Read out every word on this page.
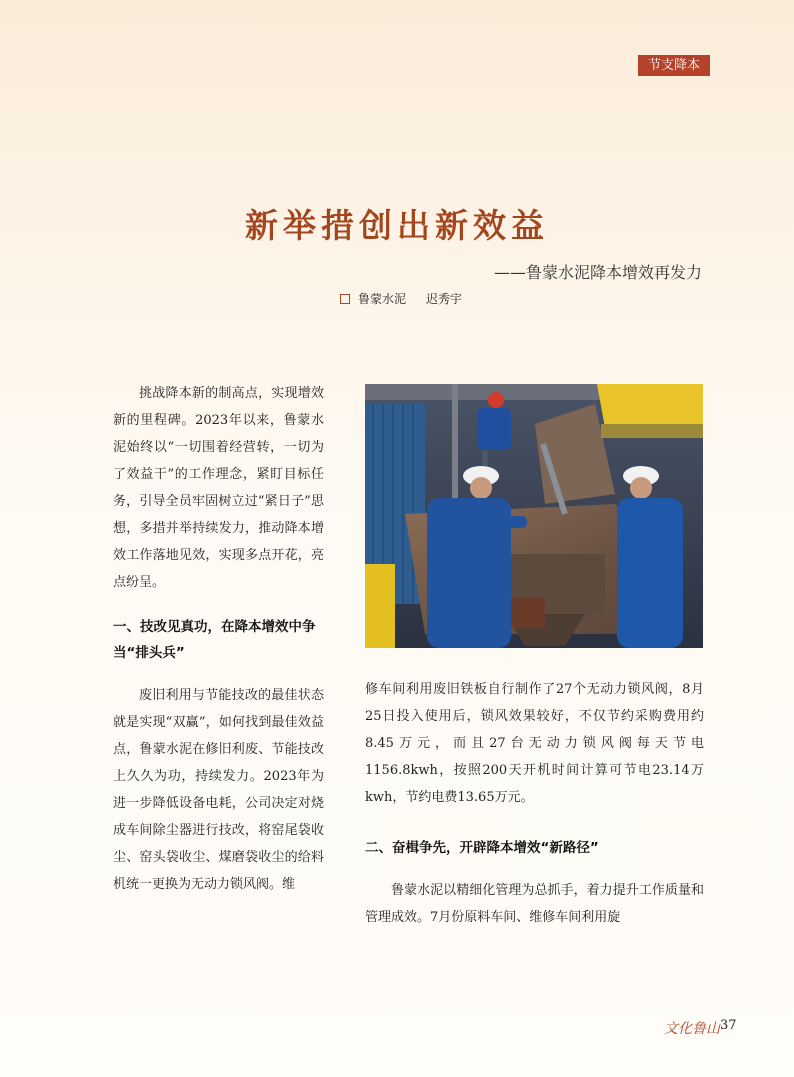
节支降本
新举措创出新效益
——鲁蒙水泥降本增效再发力
鲁蒙水泥 迟秀宇

挑战降本新的制高点，实现增效新的里程碑。2023年以来，鲁蒙水泥始终以“一切围着经营转，一切为了效益干”的工作理念，紧盯目标任务，引导全员牢固树立过“紧日子”思想，多措并举持续发力，推动降本增效工作落地见效，实现多点开花，亮点纷呈。

一、技改见真功，在降本增效中争当“排头兵”

废旧利用与节能技改的最佳状态就是实现“双赢”，如何找到最佳效益点，鲁蒙水泥在修旧利废、节能技改上久久为功，持续发力。2023年为进一步降低设备电耗，公司决定对烧成车间除尘器进行技改，将窑尾袋收尘、窑头袋收尘、煤磨袋收尘的给料机统一更换为无动力锁风阀。维

修车间利用废旧铁板自行制作了27个无动力锁风阀，8月25日投入使用后，锁风效果较好，不仅节约采购费用约8.45万元，而且27台无动力锁风阀每天节电1156.8kwh，按照200天开机时间计算可节电23.14万kwh，节约电费13.65万元。

二、奋楫争先，开辟降本增效“新路径”

鲁蒙水泥以精细化管理为总抓手，着力提升工作质量和管理成效。7月份原料车间、维修车间利用旋

文化鲁山 37
